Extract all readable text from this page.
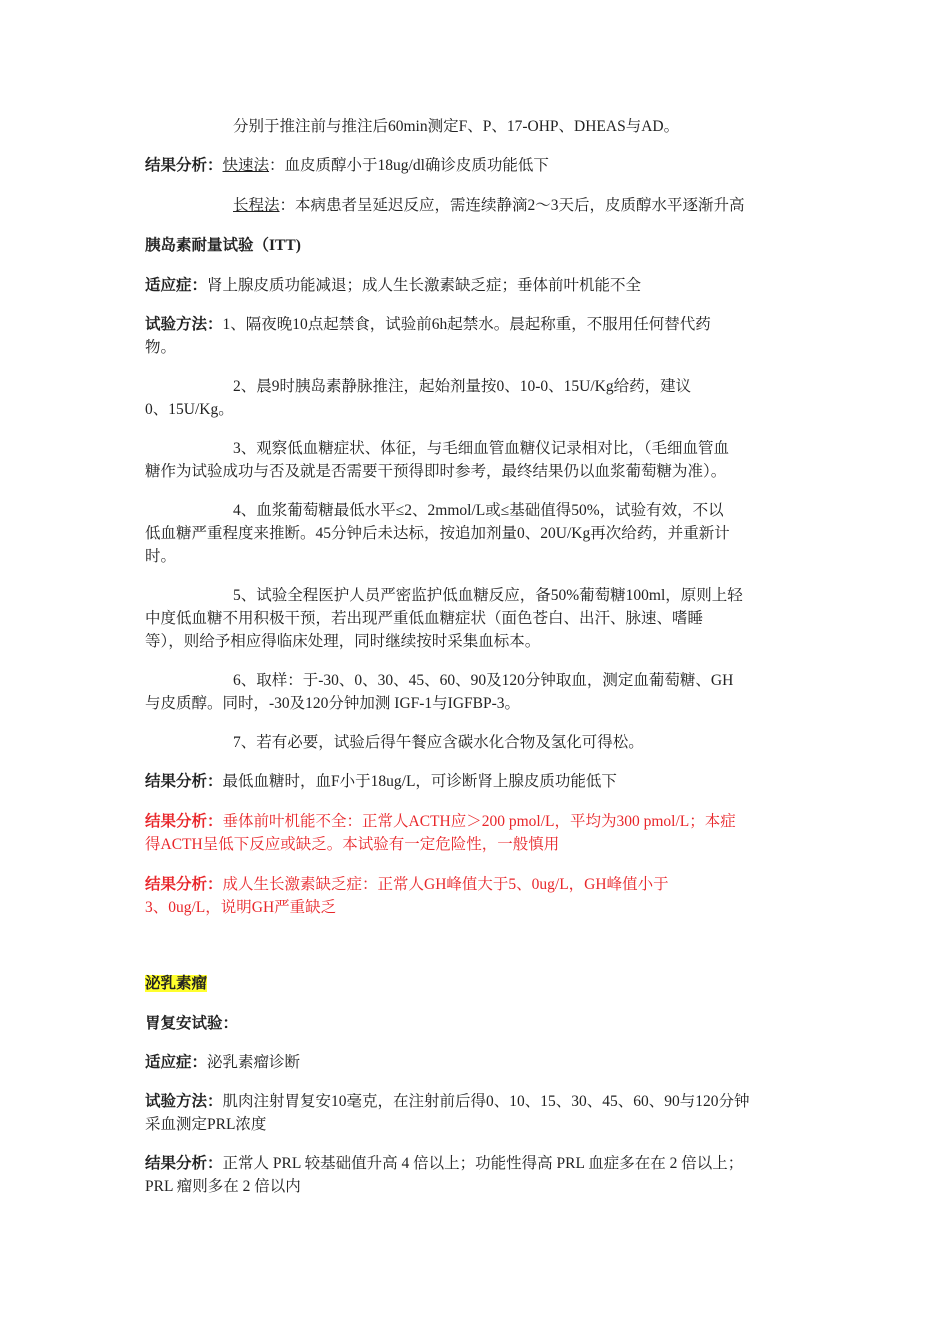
分别于推注前与推注后60min测定F、P、17-OHP、DHEAS与AD。
结果分析：快速法：血皮质醇小于18ug/dl确诊皮质功能低下
长程法：本病患者呈延迟反应，需连续静滴2～3天后，皮质醇水平逐渐升高
胰岛素耐量试验（ITT)
适应症：肾上腺皮质功能减退；成人生长激素缺乏症；垂体前叶机能不全
试验方法：1、隔夜晚10点起禁食，试验前6h起禁水。晨起称重，不服用任何替代药
物。
2、晨9时胰岛素静脉推注，起始剂量按0、10-0、15U/Kg给药，建议
0、15U/Kg。
3、观察低血糖症状、体征，与毛细血管血糖仪记录相对比，（毛细血管血
糖作为试验成功与否及就是否需要干预得即时参考，最终结果仍以血浆葡萄糖为准）。
4、血浆葡萄糖最低水平≤2、2mmol/L或≤基础值得50%，试验有效，不以
低血糖严重程度来推断。45分钟后未达标，按追加剂量0、20U/Kg再次给药，并重新计
时。
5、试验全程医护人员严密监护低血糖反应，备50%葡萄糖100ml，原则上轻
中度低血糖不用积极干预，若出现严重低血糖症状（面色苍白、出汗、脉速、嗜睡
等），则给予相应得临床处理，同时继续按时采集血标本。
6、取样：于-30、0、30、45、60、90及120分钟取血，测定血葡萄糖、GH
与皮质醇。同时，-30及120分钟加测 IGF-1与IGFBP-3。
7、若有必要，试验后得午餐应含碳水化合物及氢化可得松。
结果分析：最低血糖时，血F小于18ug/L，可诊断肾上腺皮质功能低下
结果分析：垂体前叶机能不全：正常人ACTH应＞200 pmol/L，平均为300 pmol/L；本症
得ACTH呈低下反应或缺乏。本试验有一定危险性，一般慎用
结果分析：成人生长激素缺乏症：正常人GH峰值大于5、0ug/L，GH峰值小于
3、0ug/L，说明GH严重缺乏
泌乳素瘤
胃复安试验：
适应症：泌乳素瘤诊断
试验方法：肌肉注射胃复安10毫克，在注射前后得0、10、15、30、45、60、90与120分钟
采血测定PRL浓度
结果分析：正常人 PRL 较基础值升高 4 倍以上；功能性得高 PRL 血症多在在 2 倍以上；
PRL 瘤则多在 2 倍以内
